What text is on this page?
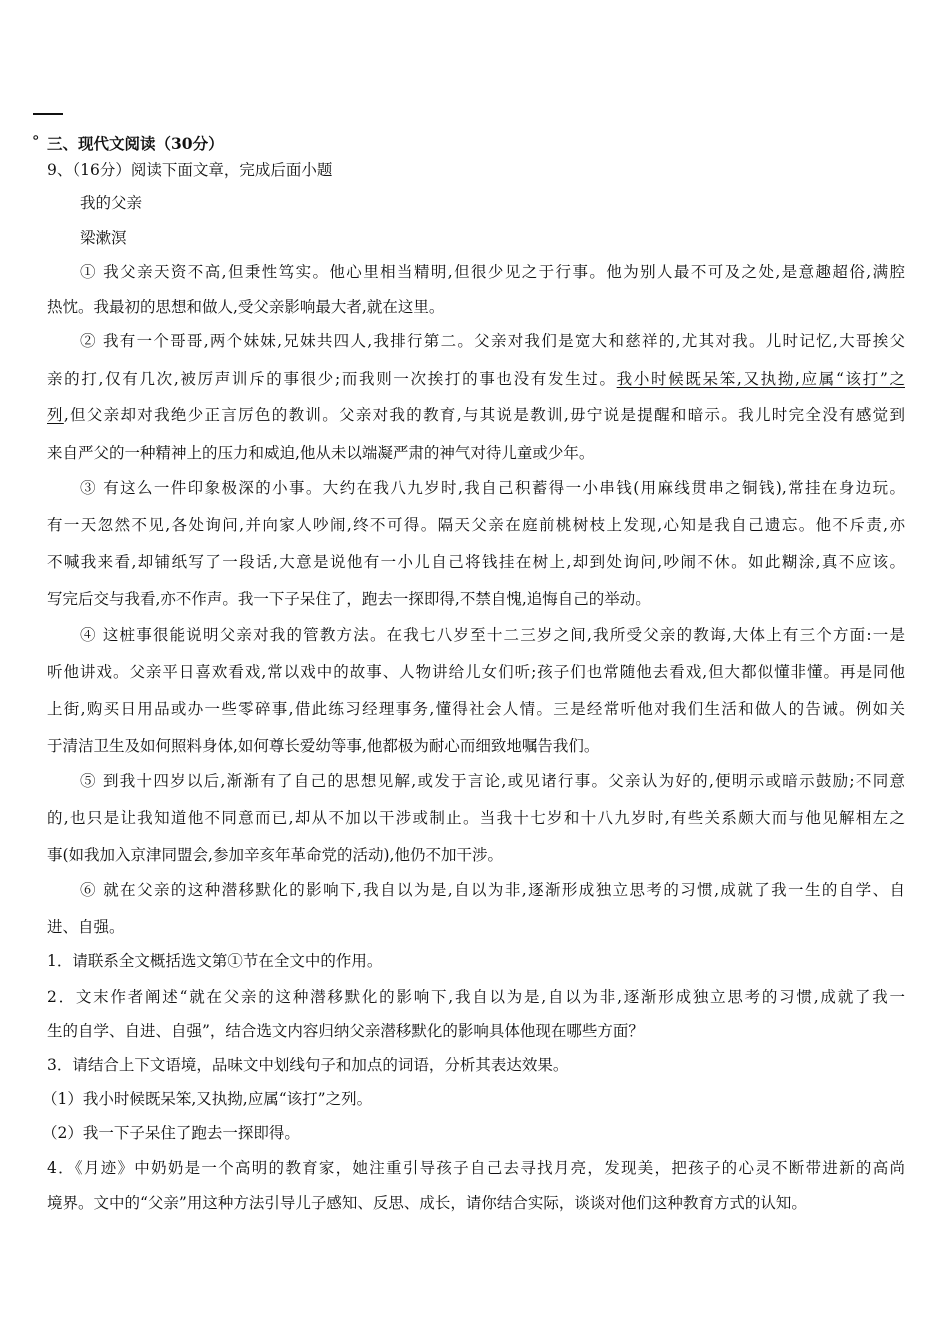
。
三、现代文阅读（30分）
9、（16分）阅读下面文章，完成后面小题
我的父亲
梁漱溟
① 我父亲天资不高,但秉性笃实。他心里相当精明,但很少见之于行事。他为别人最不可及之处,是意趣超俗,满腔
热忱。我最初的思想和做人,受父亲影响最大者,就在这里。
② 我有一个哥哥,两个妹妹,兄妹共四人,我排行第二。父亲对我们是宽大和慈祥的,尤其对我。儿时记忆,大哥挨父
亲的打,仅有几次,被厉声训斥的事很少;而我则一次挨打的事也没有发生过。我小时候既呆笨,又执拗,应属“该打”之
列,但父亲却对我绝少正言厉色的教训。父亲对我的教育,与其说是教训,毋宁说是提醒和暗示。我儿时完全没有感觉到
来自严父的一种精神上的压力和威迫,他从未以端凝严肃的神气对待儿童或少年。
③ 有这么一件印象极深的小事。大约在我八九岁时,我自己积蓄得一小串钱(用麻线贯串之铜钱),常挂在身边玩。
有一天忽然不见,各处询问,并向家人吵闹,终不可得。隔天父亲在庭前桃树枝上发现,心知是我自己遗忘。他不斥责,亦
不喊我来看,却铺纸写了一段话,大意是说他有一小儿自己将钱挂在树上,却到处询问,吵闹不休。如此糊涂,真不应该。
写完后交与我看,亦不作声。我一下子呆住了，跑去一探即得,不禁自愧,追悔自己的举动。
④ 这桩事很能说明父亲对我的管教方法。在我七八岁至十二三岁之间,我所受父亲的教诲,大体上有三个方面:一是
听他讲戏。父亲平日喜欢看戏,常以戏中的故事、人物讲给儿女们听;孩子们也常随他去看戏,但大都似懂非懂。再是同他
上街,购买日用品或办一些零碎事,借此练习经理事务,懂得社会人情。三是经常听他对我们生活和做人的告诫。例如关
于清洁卫生及如何照料身体,如何尊长爱幼等事,他都极为耐心而细致地嘱告我们。
⑤ 到我十四岁以后,渐渐有了自己的思想见解,或发于言论,或见诸行事。父亲认为好的,便明示或暗示鼓励;不同意
的,也只是让我知道他不同意而已,却从不加以干涉或制止。当我十七岁和十八九岁时,有些关系颇大而与他见解相左之
事(如我加入京津同盟会,参加辛亥年革命党的活动),他仍不加干涉。
⑥ 就在父亲的这种潜移默化的影响下,我自以为是,自以为非,逐渐形成独立思考的习惯,成就了我一生的自学、自
进、自强。
1．请联系全文概括选文第①节在全文中的作用。
2．文末作者阐述“就在父亲的这种潜移默化的影响下,我自以为是,自以为非,逐渐形成独立思考的习惯,成就了我一
生的自学、自进、自强”，结合选文内容归纳父亲潜移默化的影响具体他现在哪些方面？
3．请结合上下文语境，品味文中划线句子和加点的词语，分析其表达效果。
（1）我小时候既呆笨,又执拗,应属“该打”之列。
（2）我一下子呆住了跑去一探即得。
4．《月迹》中奶奶是一个高明的教育家，她注重引导孩子自己去寻找月亮，发现美，把孩子的心灵不断带进新的高尚
境界。文中的“父亲”用这种方法引导儿子感知、反思、成长，请你结合实际，谈谈对他们这种教育方式的认知。
